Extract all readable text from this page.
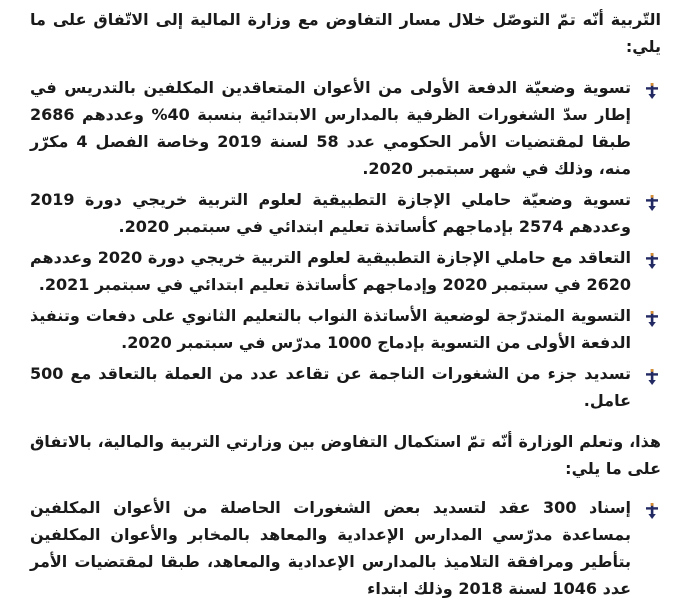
التّربية أنّه تمّ التوصّل خلال مسار التفاوض مع وزارة المالية إلى الاتّفاق على ما يلي:

تسوية وضعيّة الدفعة الأولى من الأعوان المتعاقدين المكلفين بالتدريس في إطار سدّ الشغورات الظرفية بالمدارس الابتدائية بنسبة 40% وعددهم 2686 طبقا لمقتضيات الأمر الحكومي عدد 58 لسنة 2019 وخاصة الفصل 4 مكرّر منه، وذلك في شهر سبتمبر 2020.
تسوية وضعيّة حاملي الإجازة التطبيقية لعلوم التربية خريجي دورة 2019 وعددهم 2574 بإدماجهم كأساتذة تعليم ابتدائي في سبتمبر 2020.
التعاقد مع حاملي الإجازة التطبيقية لعلوم التربية خريجي دورة 2020 وعددهم 2620 في سبتمبر 2020 وإدماجهم كأساتذة تعليم ابتدائي في سبتمبر 2021.
التسوية المتدرّجة لوضعية الأساتذة النواب بالتعليم الثانوي على دفعات وتنفيذ الدفعة الأولى من التسوية بإدماج 1000 مدرّس في سبتمبر 2020.
تسديد جزء من الشغورات الناجمة عن تقاعد عدد من العملة بالتعاقد مع 500 عامل.

هذا، وتعلم الوزارة أنّه تمّ استكمال التفاوض بين وزارتي التربية والمالية، بالاتفاق على ما يلي:

إسناد 300 عقد لتسديد بعض الشغورات الحاصلة من الأعوان المكلفين بمساعدة مدرّسي المدارس الإعدادية والمعاهد بالمخابر والأعوان المكلفين بتأطير ومرافقة التلاميذ بالمدارس الإعدادية والمعاهد، طبقا لمقتضيات الأمر عدد 1046 لسنة 2018 وذلك ابتداء
